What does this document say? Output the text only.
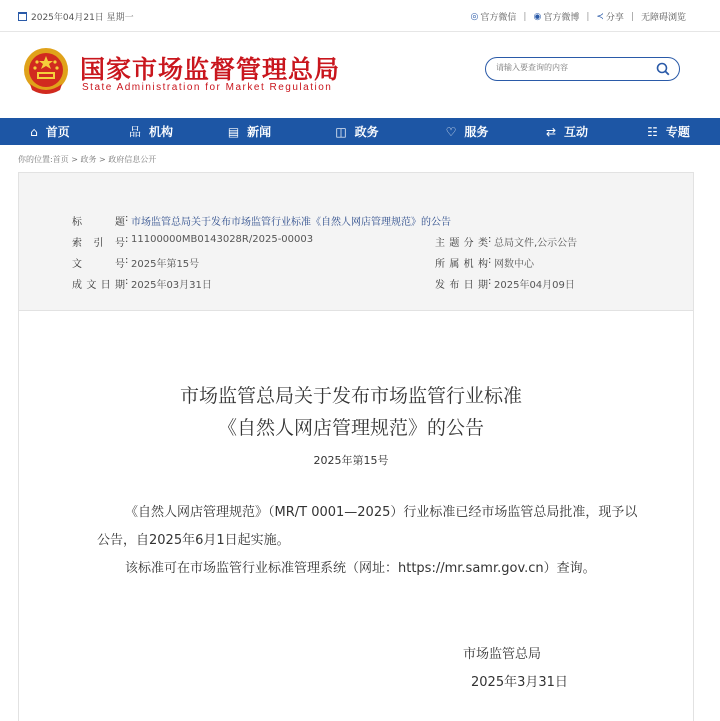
2025年04月21日 星期一	◎ 官方微信 | ◉ 官方微博 | ≺ 分享 | 无障碍浏览
国家市场监督管理总局
State Administration for Market Regulation
请输入要查询的内容
⌂ 首页	品 机构	▤ 新闻	◫ 政务	♡ 服务	⇄ 互动	☷ 专题
你的位置:首页 > 政务 > 政府信息公开
标　　题 : 市场监管总局关于发布市场监管行业标准《自然人网店管理规范》的公告
索 引 号 : 11100000MB0143028R/2025-00003	主题分类 : 总局文件,公示公告
文　　号 : 2025年第15号	所属机构 : 网数中心
成文日期 : 2025年03月31日	发布日期 : 2025年04月09日
市场监管总局关于发布市场监管行业标准
《自然人网店管理规范》的公告
2025年第15号
《自然人网店管理规范》（MR/T 0001—2025）行业标准已经市场监管总局批准，现予以公告，自2025年6月1日起实施。
该标准可在市场监管行业标准管理系统（网址：https://mr.samr.gov.cn）查询。
市场监管总局
2025年3月31日
